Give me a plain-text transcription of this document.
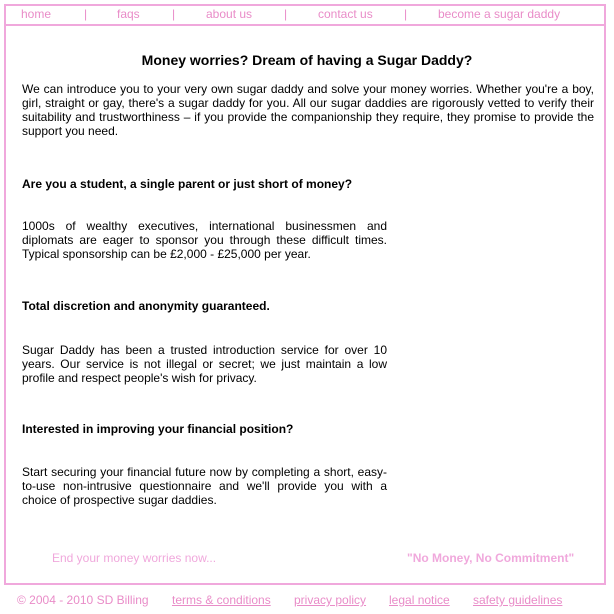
home	| faqs	|	about us	|	contact us	|	become a sugar daddy
Money worries? Dream of having a Sugar Daddy?
We can introduce you to your very own sugar daddy and solve your money worries. Whether you're a boy, girl, straight or gay, there's a sugar daddy for you. All our sugar daddies are rigorously vetted to verify their suitability and trustworthiness – if you provide the companionship they require, they promise to provide the support you need.
Are you a student, a single parent or just short of money?
1000s of wealthy executives, international businessmen and diplomats are eager to sponsor you through these difficult times. Typical sponsorship can be £2,000 - £25,000 per year.
Total discretion and anonymity guaranteed.
Sugar Daddy has been a trusted introduction service for over 10 years. Our service is not illegal or secret; we just maintain a low profile and respect people's wish for privacy.
Interested in improving your financial position?
Start securing your financial future now by completing a short, easy-to-use non-intrusive questionnaire and we'll provide you with a choice of prospective sugar daddies.
End your money worries now...	"No Money, No Commitment"
© 2004 - 2010 SD Billing terms & conditions privacy policy legal notice safety guidelines
